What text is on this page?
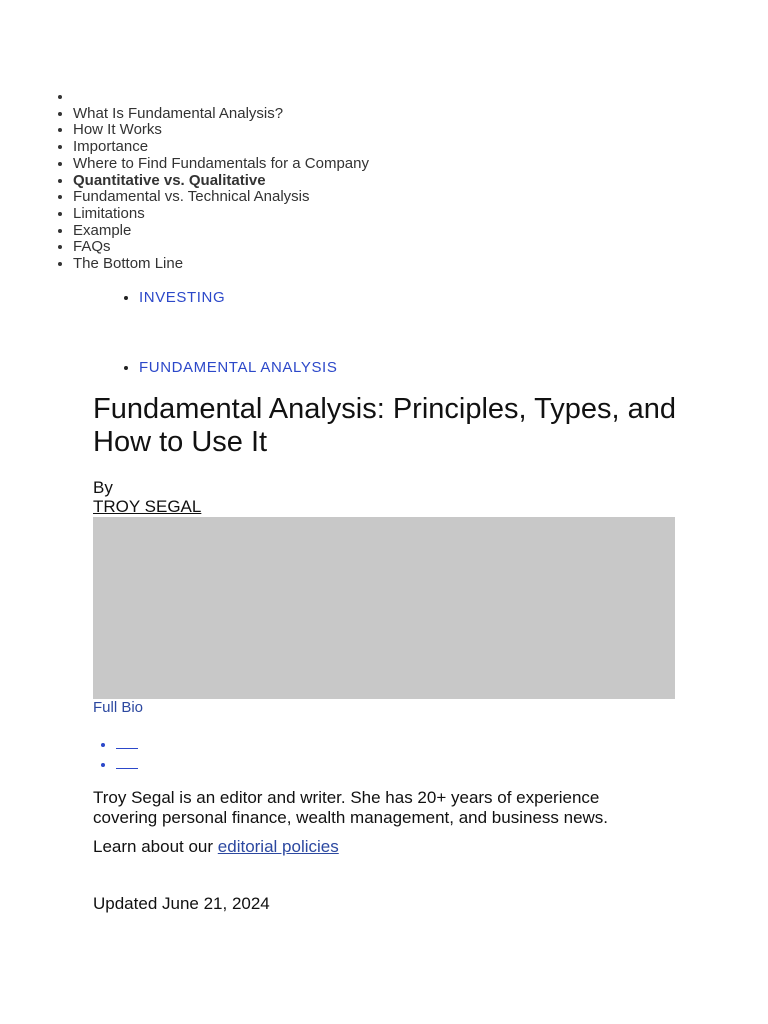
•
• What Is Fundamental Analysis?
• How It Works
• Importance
• Where to Find Fundamentals for a Company
• Quantitative vs. Qualitative
• Fundamental vs. Technical Analysis
• Limitations
• Example
• FAQs
• The Bottom Line
• INVESTING
• FUNDAMENTAL ANALYSIS
Fundamental Analysis: Principles, Types, and How to Use It
By
TROY SEGAL
Full Bio
•
•

Troy Segal is an editor and writer. She has 20+ years of experience covering personal finance, wealth management, and business news.

Learn about our editorial policies

Updated June 21, 2024
